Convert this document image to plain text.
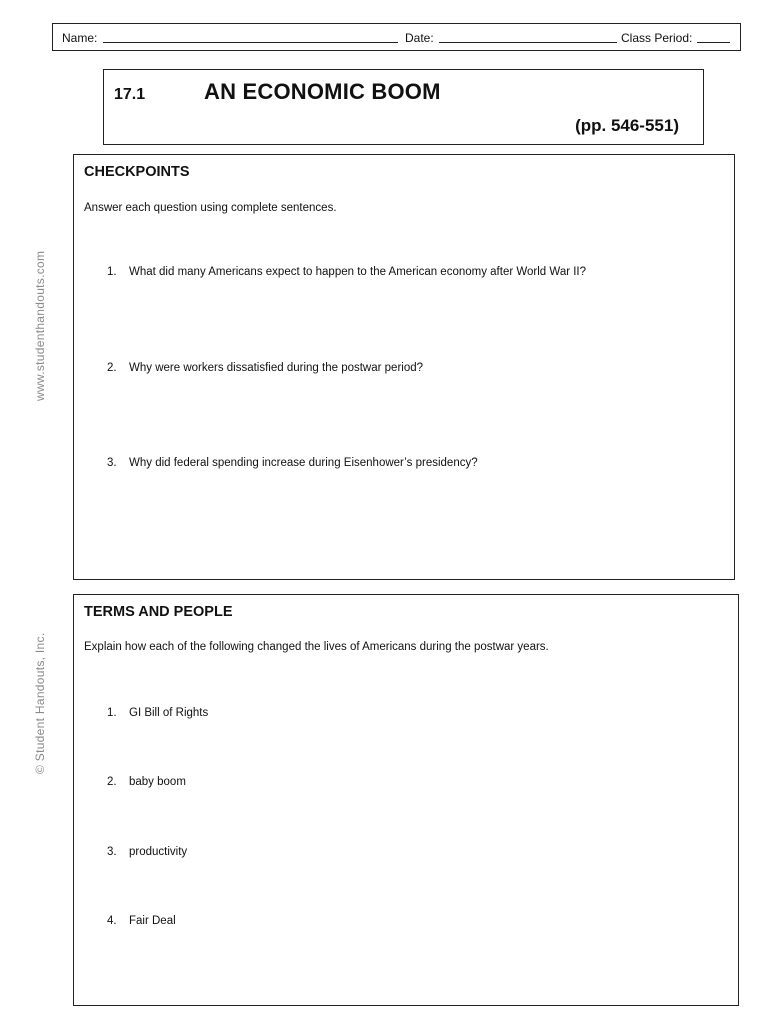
www.studenthandouts.com
© Student Handouts, Inc.
Name:	Date:	Class Period:
17.1	AN ECONOMIC BOOM
(pp. 546-551)
CHECKPOINTS
Answer each question using complete sentences.
1. What did many Americans expect to happen to the American economy after World War II?
2. Why were workers dissatisfied during the postwar period?
3. Why did federal spending increase during Eisenhower’s presidency?
TERMS AND PEOPLE
Explain how each of the following changed the lives of Americans during the postwar years.
1. GI Bill of Rights
2. baby boom
3. productivity
4. Fair Deal
